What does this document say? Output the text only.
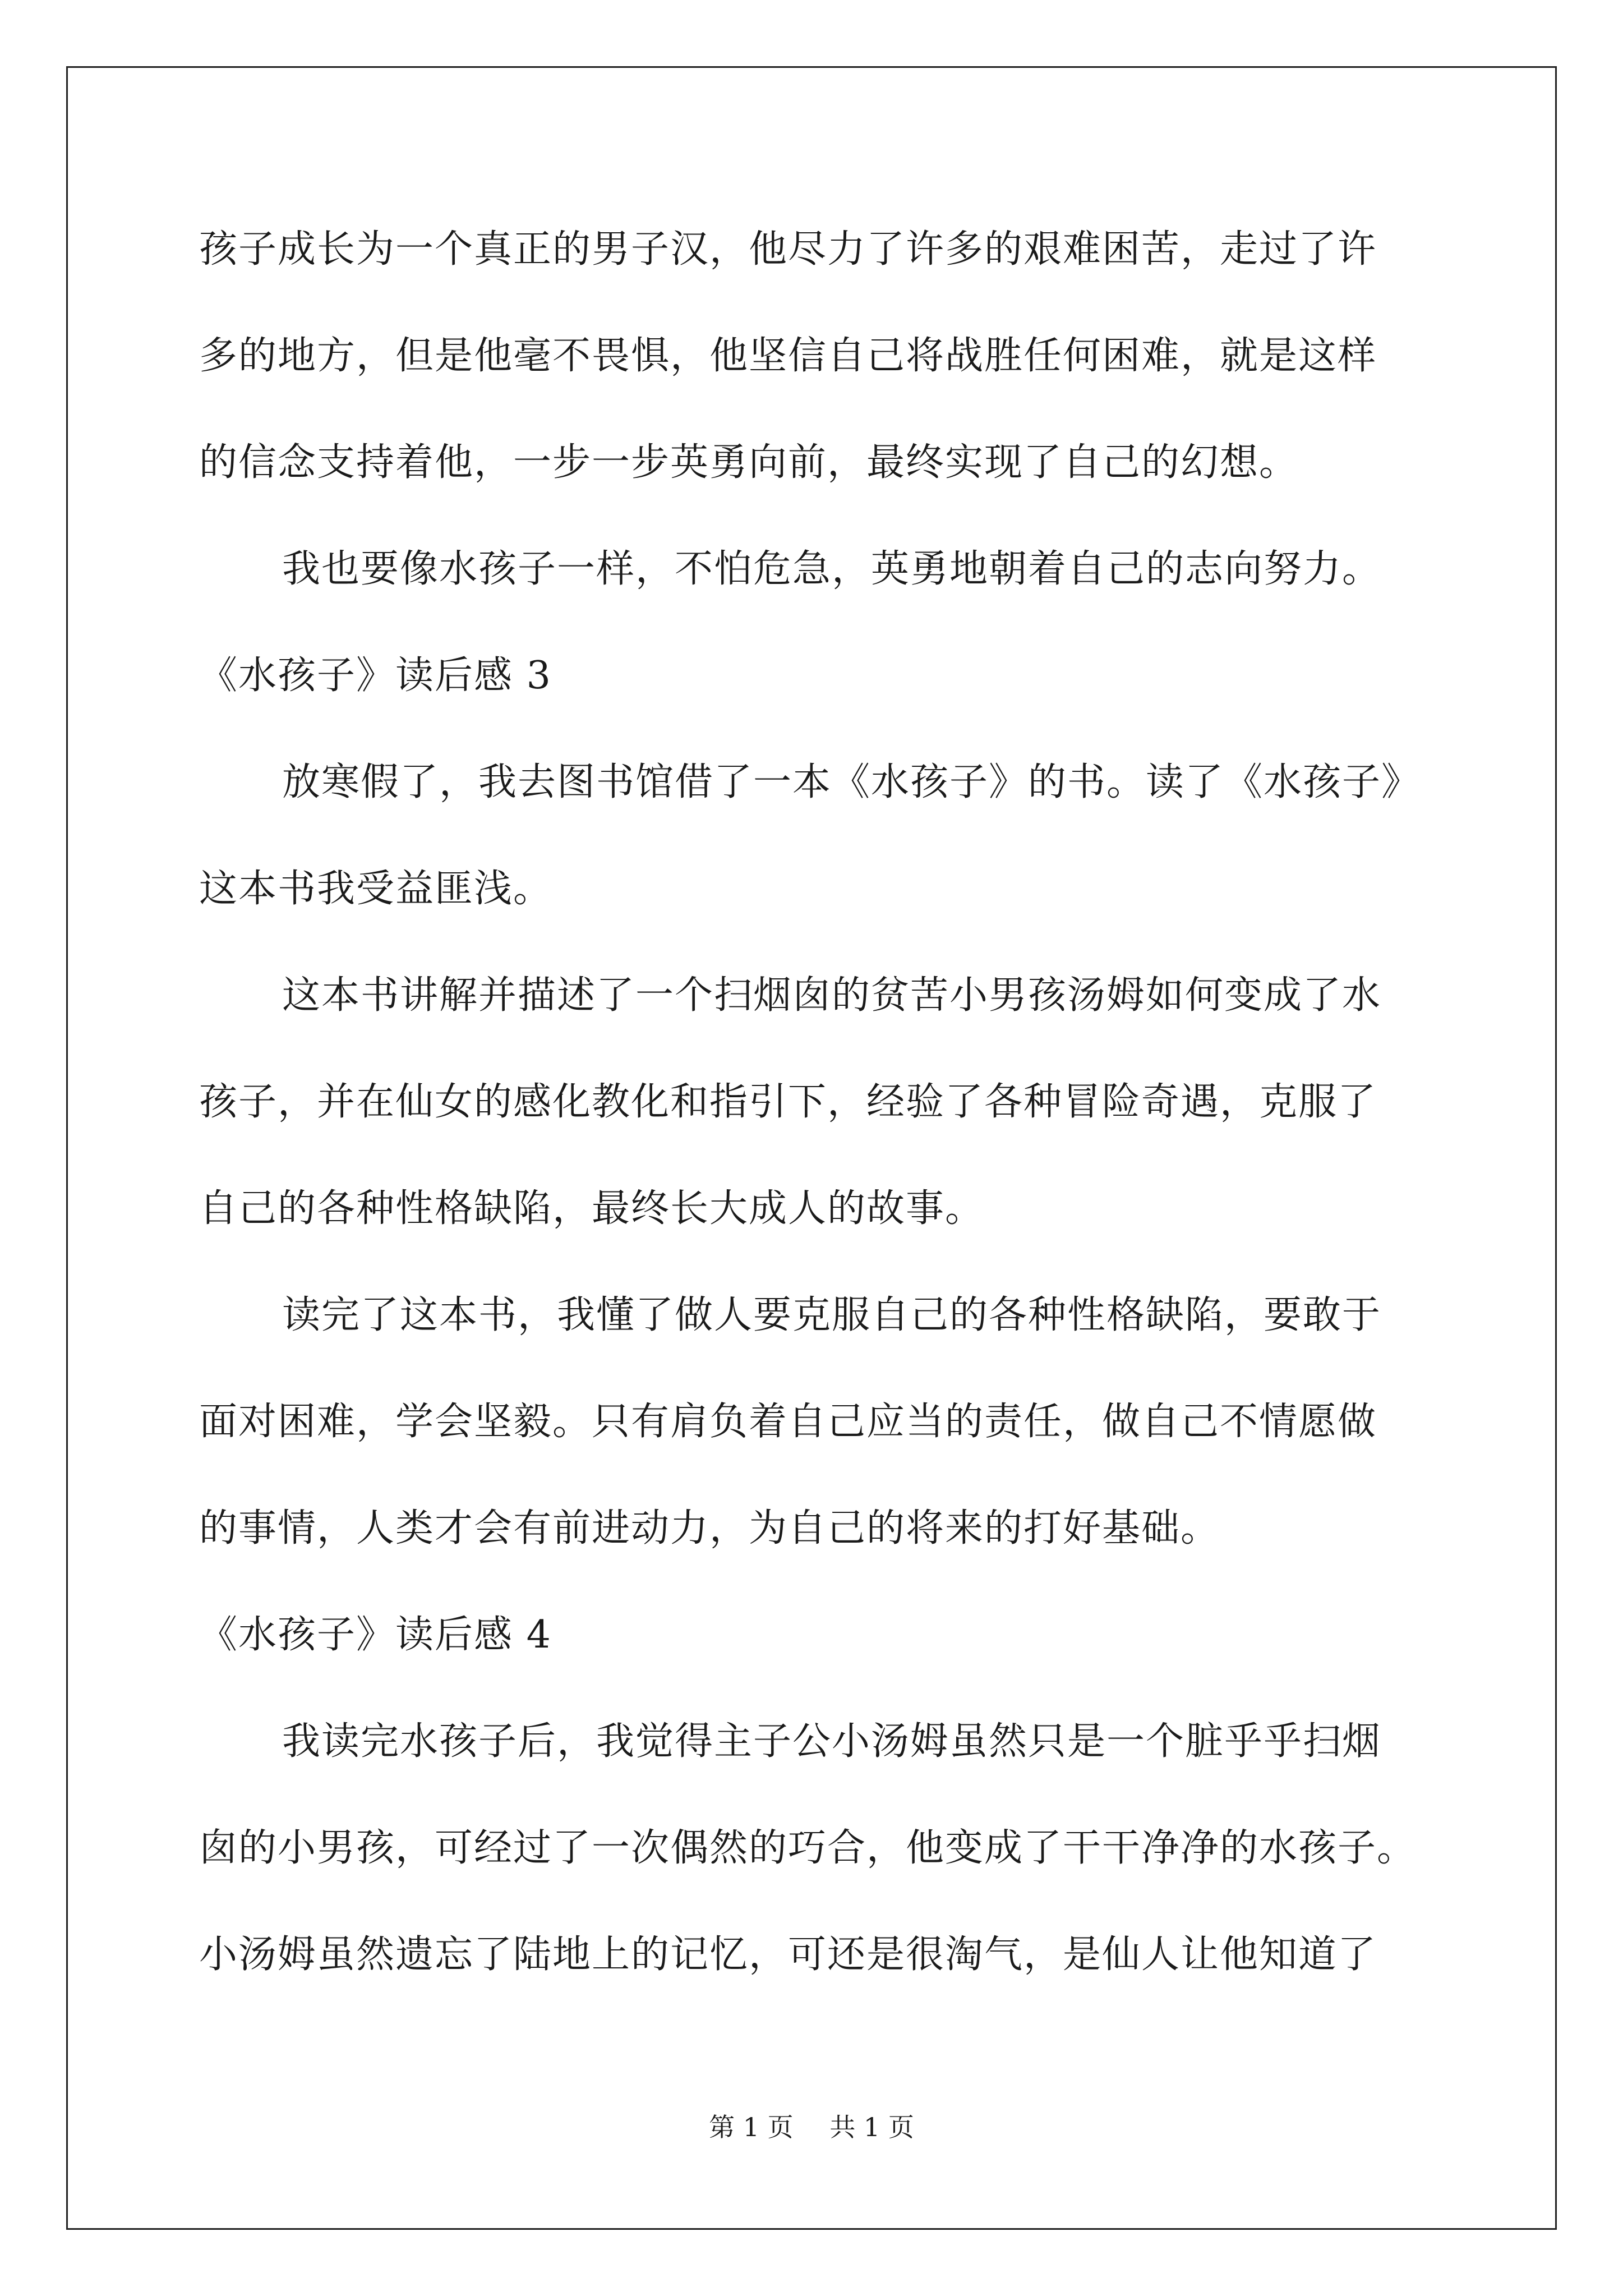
孩子成长为一个真正的男子汉，他尽力了许多的艰难困苦，走过了许
多的地方，但是他毫不畏惧，他坚信自己将战胜任何困难，就是这样
的信念支持着他，一步一步英勇向前，最终实现了自己的幻想。
我也要像水孩子一样，不怕危急，英勇地朝着自己的志向努力。
《水孩子》读后感 3
放寒假了，我去图书馆借了一本《水孩子》的书。读了《水孩子》
这本书我受益匪浅。
这本书讲解并描述了一个扫烟囱的贫苦小男孩汤姆如何变成了水
孩子，并在仙女的感化教化和指引下，经验了各种冒险奇遇，克服了
自己的各种性格缺陷，最终长大成人的故事。
读完了这本书，我懂了做人要克服自己的各种性格缺陷，要敢于
面对困难，学会坚毅。只有肩负着自己应当的责任，做自己不情愿做
的事情，人类才会有前进动力，为自己的将来的打好基础。
《水孩子》读后感 4
我读完水孩子后，我觉得主子公小汤姆虽然只是一个脏乎乎扫烟
囱的小男孩，可经过了一次偶然的巧合，他变成了干干净净的水孩子。
小汤姆虽然遗忘了陆地上的记忆，可还是很淘气，是仙人让他知道了
第 1 页 共 1 页
